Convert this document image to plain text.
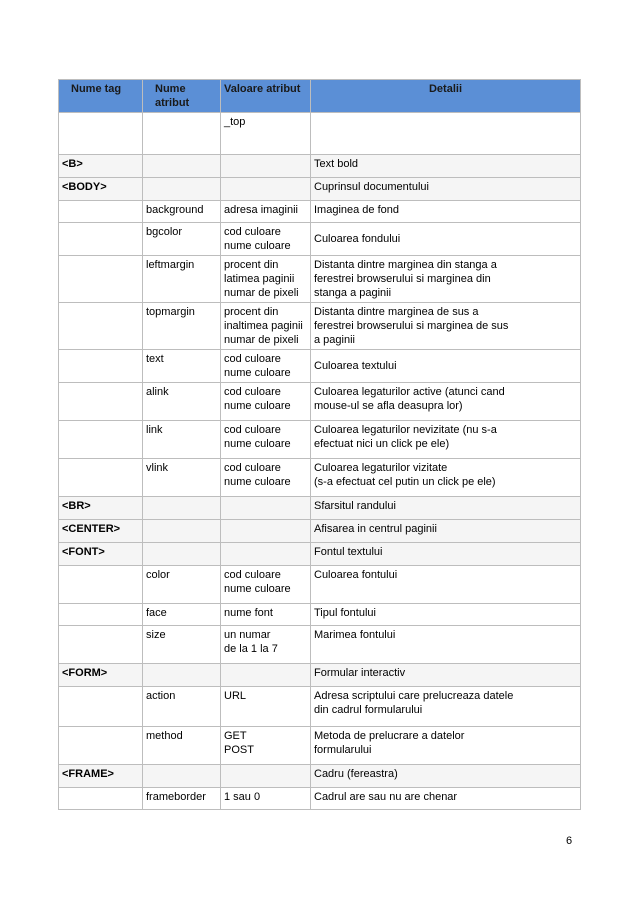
Nume tag	Nume
atribut	Valoare atribut	Detalii

		_top	

<B>			Text bold

<BODY>			Cuprinsul documentului

	background	adresa imaginii	Imaginea de fond

	bgcolor	cod culoare
nume culoare	Culoarea fondului

	leftmargin	procent din
latimea paginii
numar de pixeli	Distanta dintre marginea din stanga a
ferestrei browserului si marginea din
stanga a paginii

	topmargin	procent din
inaltimea paginii
numar de pixeli	Distanta dintre marginea de sus a
ferestrei browserului si marginea de sus
a paginii

	text	cod culoare
nume culoare	Culoarea textului

	alink	cod culoare
nume culoare	Culoarea legaturilor active (atunci cand
mouse-ul se afla deasupra lor)

	link	cod culoare
nume culoare	Culoarea legaturilor nevizitate (nu s-a
efectuat nici un click pe ele)

	vlink	cod culoare
nume culoare	Culoarea legaturilor vizitate
(s-a efectuat cel putin un click pe ele)

<BR>			Sfarsitul randului

<CENTER>			Afisarea in centrul paginii

<FONT>			Fontul textului

	color	cod culoare
nume culoare	Culoarea fontului

	face	nume font	Tipul fontului

	size	un numar
de la 1 la 7	Marimea fontului

<FORM>			Formular interactiv

	action	URL	Adresa scriptului care prelucreaza datele
din cadrul formularului

	method	GET
POST	Metoda de prelucrare a datelor
formularului

<FRAME>			Cadru (fereastra)

	frameborder	1 sau 0	Cadrul are sau nu are chenar
6
